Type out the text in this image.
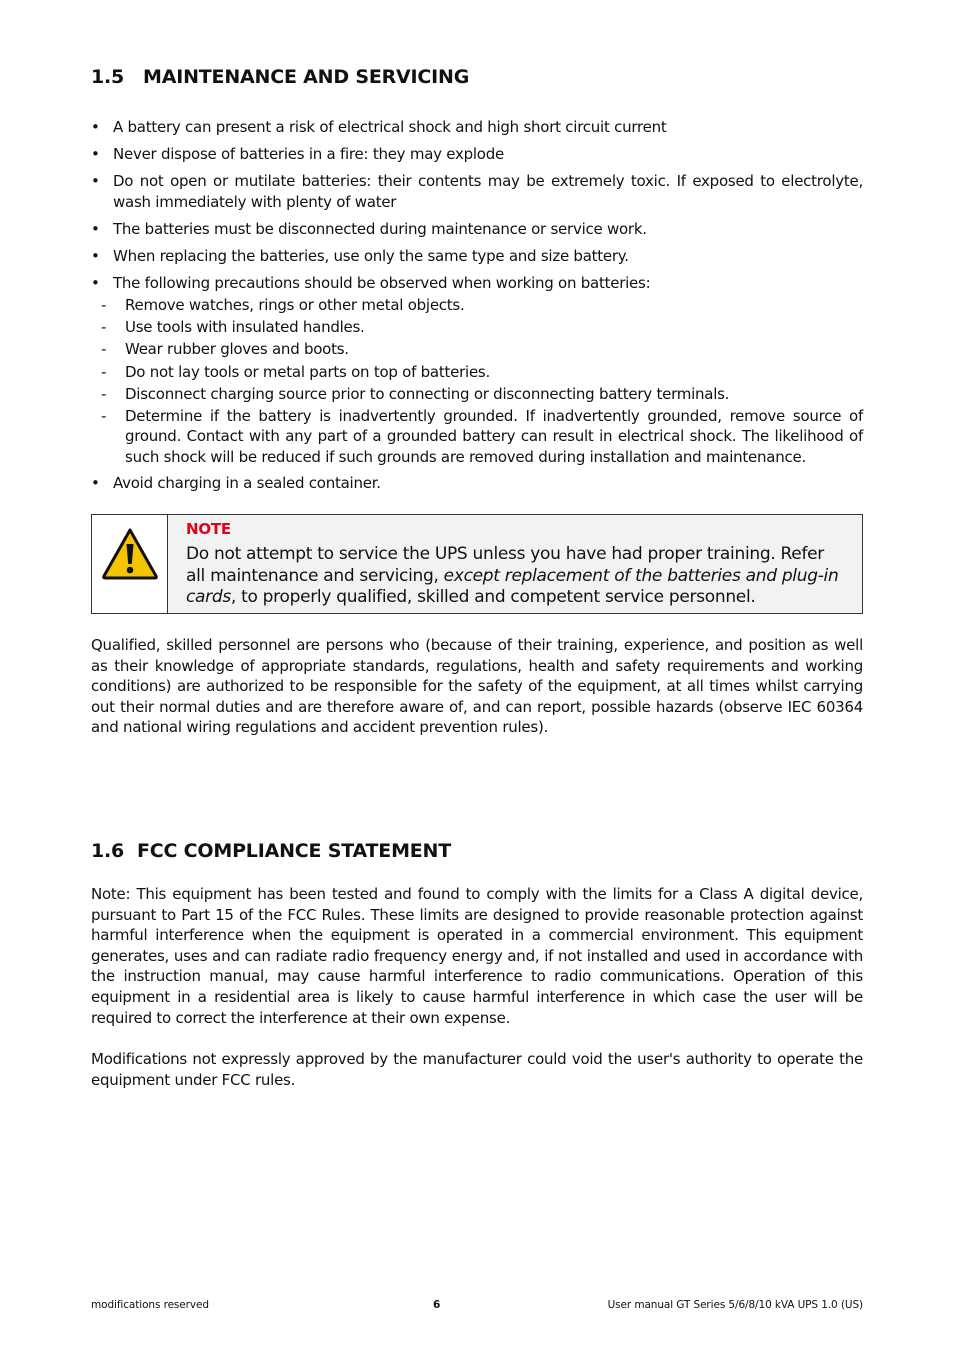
1.5 MAINTENANCE AND SERVICING
• A battery can present a risk of electrical shock and high short circuit current
• Never dispose of batteries in a fire: they may explode
• Do not open or mutilate batteries: their contents may be extremely toxic. If exposed to electrolyte, wash immediately with plenty of water
• The batteries must be disconnected during maintenance or service work.
• When replacing the batteries, use only the same type and size battery.
• The following precautions should be observed when working on batteries:
- Remove watches, rings or other metal objects.
- Use tools with insulated handles.
- Wear rubber gloves and boots.
- Do not lay tools or metal parts on top of batteries.
- Disconnect charging source prior to connecting or disconnecting battery terminals.
- Determine if the battery is inadvertently grounded. If inadvertently grounded, remove source of ground. Contact with any part of a grounded battery can result in electrical shock. The likelihood of such shock will be reduced if such grounds are removed during installation and maintenance.
• Avoid charging in a sealed container.
NOTE
Do not attempt to service the UPS unless you have had proper training. Refer all maintenance and servicing, except replacement of the batteries and plug-in cards, to properly qualified, skilled and competent service personnel.

Qualified, skilled personnel are persons who (because of their training, experience, and position as well as their knowledge of appropriate standards, regulations, health and safety requirements and working conditions) are authorized to be responsible for the safety of the equipment, at all times whilst carrying out their normal duties and are therefore aware of, and can report, possible hazards (observe IEC 60364 and national wiring regulations and accident prevention rules).

1.6 FCC COMPLIANCE STATEMENT

Note: This equipment has been tested and found to comply with the limits for a Class A digital device, pursuant to Part 15 of the FCC Rules. These limits are designed to provide reasonable protection against harmful interference when the equipment is operated in a commercial environment. This equipment generates, uses and can radiate radio frequency energy and, if not installed and used in accordance with the instruction manual, may cause harmful interference to radio communications. Operation of this equipment in a residential area is likely to cause harmful interference in which case the user will be required to correct the interference at their own expense.

Modifications not expressly approved by the manufacturer could void the user's authority to operate the equipment under FCC rules.

modifications reserved	6	User manual GT Series 5/6/8/10 kVA UPS 1.0 (US)
